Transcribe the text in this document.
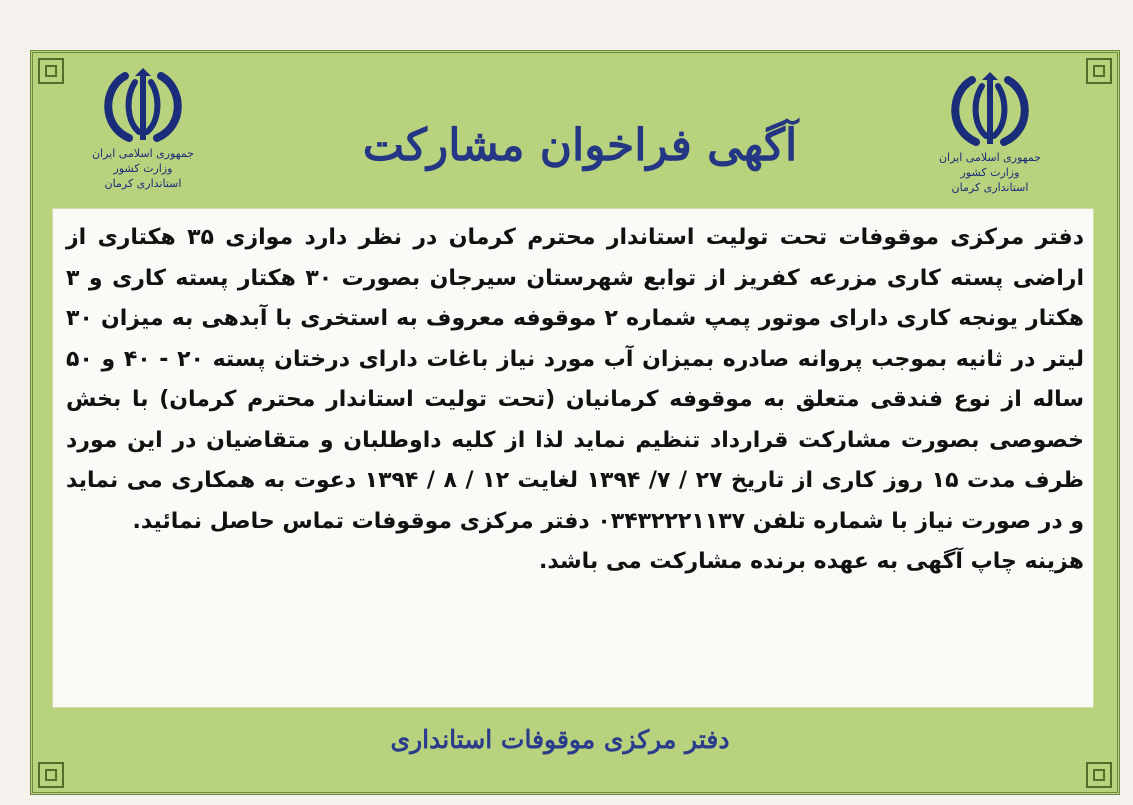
جمهوری اسلامی ایران
وزارت کشور
استانداری کرمان
جمهوری اسلامی ایران
وزارت کشور
استانداری کرمان
آگهی فراخوان مشارکت

دفتر مرکزی موقوفات تحت تولیت استاندار محترم کرمان در نظر دارد موازی ۳۵ هکتاری از اراضی پسته کاری مزرعه کفریز از توابع شهرستان سیرجان بصورت ۳۰ هکتار پسته کاری و ۳ هکتار یونجه کاری دارای موتور پمپ شماره ۲ موقوفه معروف به استخری با آبدهی به میزان ۳۰ لیتر در ثانیه بموجب پروانه صادره بمیزان آب مورد نیاز باغات دارای درختان پسته ۲۰ - ۴۰ و ۵۰ ساله از نوع فندقی متعلق به موقوفه کرمانیان (تحت تولیت استاندار محترم کرمان) با بخش خصوصی بصورت مشارکت قرارداد تنظیم نماید لذا از کلیه داوطلبان و متقاضیان در این مورد ظرف مدت ۱۵ روز کاری از تاریخ ۲۷ / ۷/ ۱۳۹۴ لغایت ۱۲ / ۸ / ۱۳۹۴ دعوت به همکاری می نماید و در صورت نیاز با شماره تلفن ۰۳۴۳۲۲۲۱۱۳۷ دفتر مرکزی موقوفات تماس حاصل نمائید.

هزینه چاپ آگهی به عهده برنده مشارکت می باشد.

دفتر مرکزی موقوفات استانداری
